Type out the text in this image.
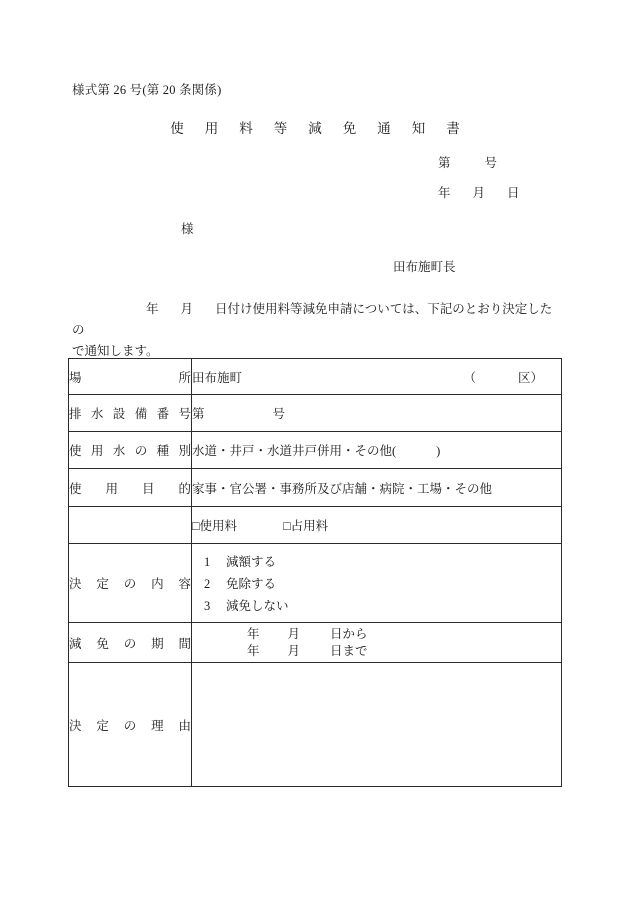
様式第 26 号(第 20 条関係)
使用料等減免通知書
第	号
年 月 日
様
田布施町長
年 月 日付け使用料等減免申請については、下記のとおり決定したの
で通知します。
場所	田布施町 （ 区）

排水設備番号	第 号

使用水の種別	水道・井戸・水道井戸併用・その他( )

使用目的	家事・官公署・事務所及び店舗・病院・工場・その他

	□使用料 □占用料

決定の内容	1 減額する
2 免除する
3 減免しない

減免の期間	年 月 日から
年 月 日まで

決定の理由	
